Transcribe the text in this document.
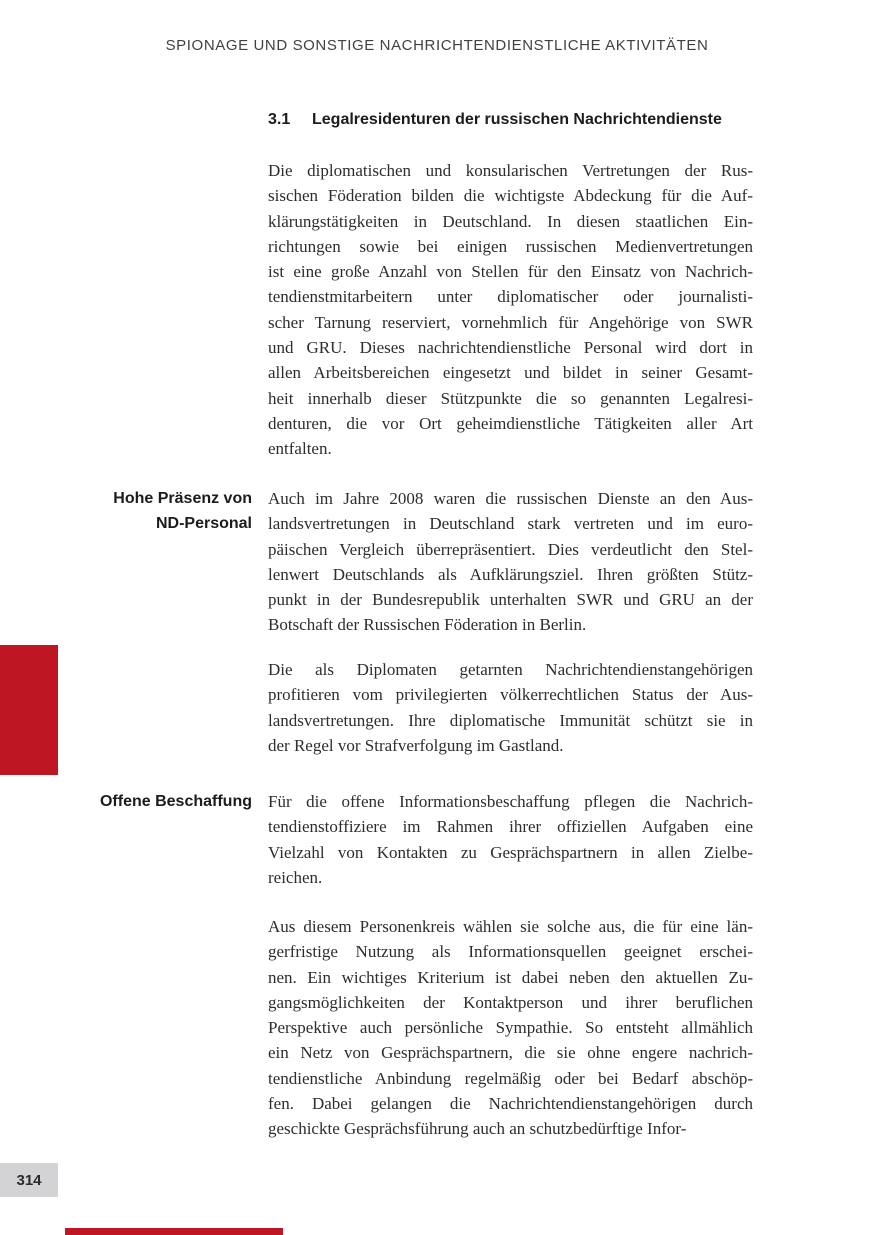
SPIONAGE UND SONSTIGE NACHRICHTENDIENSTLICHE AKTIVITÄTEN
3.1	Legalresidenturen der russischen Nachrichtendienste
Die diplomatischen und konsularischen Vertretungen der Rus-
sischen Föderation bilden die wichtigste Abdeckung für die Auf-
klärungstätigkeiten in Deutschland. In diesen staatlichen Ein-
richtungen sowie bei einigen russischen Medienvertretungen
ist eine große Anzahl von Stellen für den Einsatz von Nachrich-
tendienstmitarbeitern unter diplomatischer oder journalisti-
scher Tarnung reserviert, vornehmlich für Angehörige von SWR
und GRU. Dieses nachrichtendienstliche Personal wird dort in
allen Arbeitsbereichen eingesetzt und bildet in seiner Gesamt-
heit innerhalb dieser Stützpunkte die so genannten Legalresi-
denturen, die vor Ort geheimdienstliche Tätigkeiten aller Art
entfalten.
Hohe Präsenz von
ND-Personal
Auch im Jahre 2008 waren die russischen Dienste an den Aus-
landsvertretungen in Deutschland stark vertreten und im euro-
päischen Vergleich überrepräsentiert. Dies verdeutlicht den Stel-
lenwert Deutschlands als Aufklärungsziel. Ihren größten Stütz-
punkt in der Bundesrepublik unterhalten SWR und GRU an der
Botschaft der Russischen Föderation in Berlin.
Die als Diplomaten getarnten Nachrichtendienstangehörigen
profitieren vom privilegierten völkerrechtlichen Status der Aus-
landsvertretungen. Ihre diplomatische Immunität schützt sie in
der Regel vor Strafverfolgung im Gastland.
Offene Beschaffung Für die offene Informationsbeschaffung pflegen die Nachrich-
tendienstoffiziere im Rahmen ihrer offiziellen Aufgaben eine
Vielzahl von Kontakten zu Gesprächspartnern in allen Zielbe-
reichen.
Aus diesem Personenkreis wählen sie solche aus, die für eine län-
gerfristige Nutzung als Informationsquellen geeignet erschei-
nen. Ein wichtiges Kriterium ist dabei neben den aktuellen Zu-
gangsmöglichkeiten der Kontaktperson und ihrer beruflichen
Perspektive auch persönliche Sympathie. So entsteht allmählich
ein Netz von Gesprächspartnern, die sie ohne engere nachrich-
tendienstliche Anbindung regelmäßig oder bei Bedarf abschöp-
fen. Dabei gelangen die Nachrichtendienstangehörigen durch
geschickte Gesprächsführung auch an schutzbedürftige Infor-
314
